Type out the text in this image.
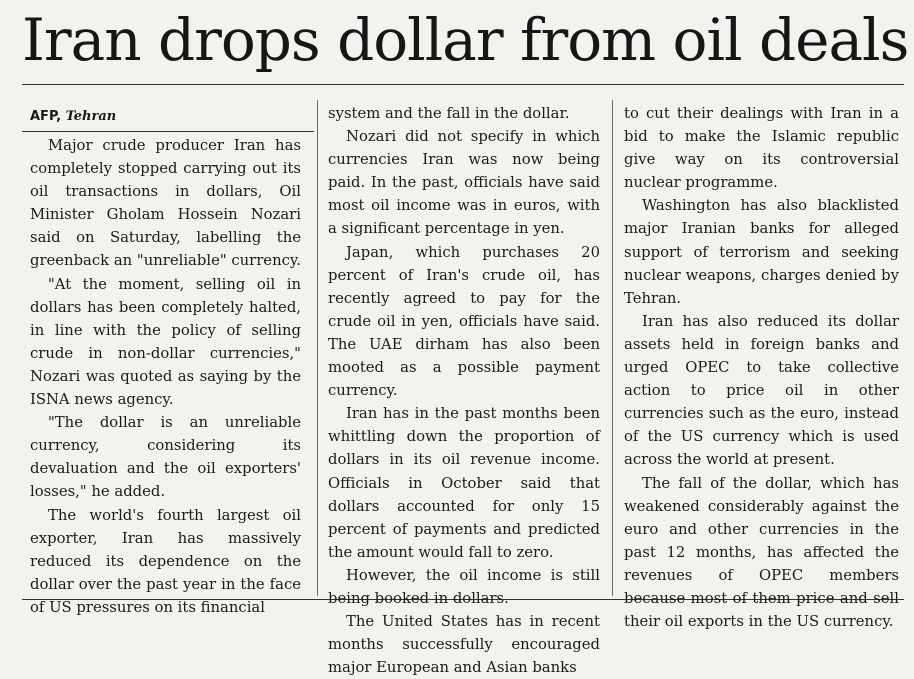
Iran drops dollar from oil deals
AFP, Tehran

Major crude producer Iran has completely stopped carrying out its oil transactions in dollars, Oil Minister Gholam Hossein Nozari said on Saturday, labelling the greenback an "unreliable" currency.

"At the moment, selling oil in dollars has been completely halted, in line with the policy of selling crude in non-dollar currencies," Nozari was quoted as saying by the ISNA news agency.

"The dollar is an unreliable currency, considering its devaluation and the oil exporters' losses," he added.

The world's fourth largest oil exporter, Iran has massively reduced its dependence on the dollar over the past year in the face of US pressures on its financial

system and the fall in the dollar.

Nozari did not specify in which currencies Iran was now being paid. In the past, officials have said most oil income was in euros, with a significant percentage in yen.

Japan, which purchases 20 percent of Iran's crude oil, has recently agreed to pay for the crude oil in yen, officials have said. The UAE dirham has also been mooted as a possible payment currency.

Iran has in the past months been whittling down the proportion of dollars in its oil revenue income. Officials in October said that dollars accounted for only 15 percent of payments and predicted the amount would fall to zero.

However, the oil income is still being booked in dollars.

The United States has in recent months successfully encouraged major European and Asian banks

to cut their dealings with Iran in a bid to make the Islamic republic give way on its controversial nuclear programme.

Washington has also blacklisted major Iranian banks for alleged support of terrorism and seeking nuclear weapons, charges denied by Tehran.

Iran has also reduced its dollar assets held in foreign banks and urged OPEC to take collective action to price oil in other currencies such as the euro, instead of the US currency which is used across the world at present.

The fall of the dollar, which has weakened considerably against the euro and other currencies in the past 12 months, has affected the revenues of OPEC members because most of them price and sell their oil exports in the US currency.
